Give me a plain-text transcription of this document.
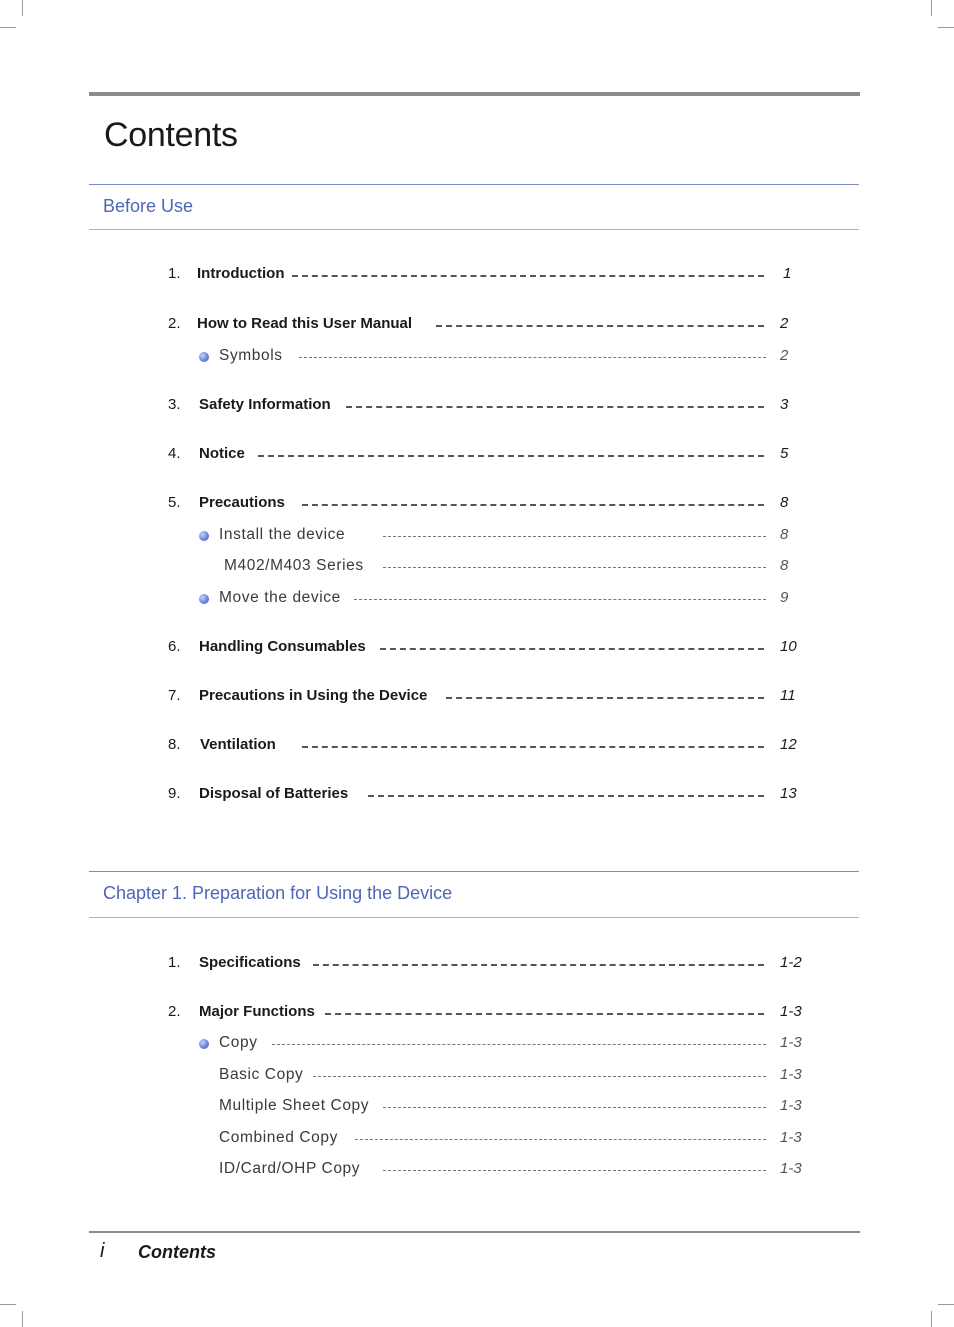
Contents
Before Use
1. Introduction	1
2. How to Read this User Manual	2
Symbols	2
3. Safety Information	3
4. Notice	5
5. Precautions	8
Install the device	8
M402/M403 Series	8
Move the device	9
6. Handling Consumables	10
7. Precautions in Using the Device	11
8. Ventilation	12
9. Disposal of Batteries	13
Chapter 1. Preparation for Using the Device
1. Specifications	1-2
2. Major Functions	1-3
Copy	1-3
Basic Copy	1-3
Multiple Sheet Copy	1-3
Combined Copy	1-3
ID/Card/OHP Copy	1-3
i Contents
